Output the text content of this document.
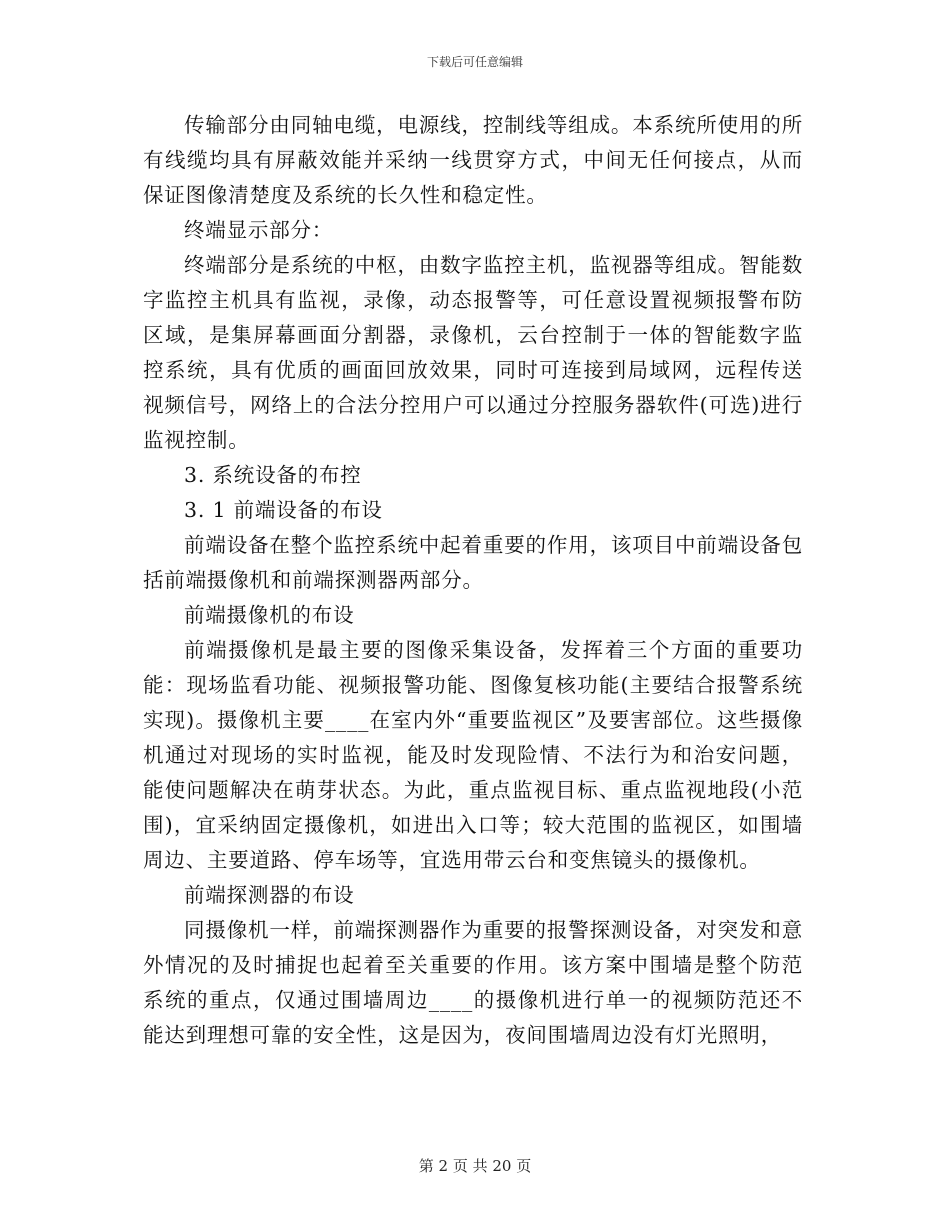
下载后可任意编辑

传输部分由同轴电缆，电源线，控制线等组成。本系统所使用的所有线缆均具有屏蔽效能并采纳一线贯穿方式，中间无任何接点，从而保证图像清楚度及系统的长久性和稳定性。

终端显示部分：

终端部分是系统的中枢，由数字监控主机，监视器等组成。智能数字监控主机具有监视，录像，动态报警等，可任意设置视频报警布防区域，是集屏幕画面分割器，录像机，云台控制于一体的智能数字监控系统，具有优质的画面回放效果，同时可连接到局域网，远程传送视频信号，网络上的合法分控用户可以通过分控服务器软件(可选)进行监视控制。

3. 系统设备的布控

3. 1 前端设备的布设

前端设备在整个监控系统中起着重要的作用，该项目中前端设备包括前端摄像机和前端探测器两部分。

前端摄像机的布设

前端摄像机是最主要的图像采集设备，发挥着三个方面的重要功能：现场监看功能、视频报警功能、图像复核功能(主要结合报警系统实现)。摄像机主要____在室内外“重要监视区”及要害部位。这些摄像机通过对现场的实时监视，能及时发现险情、不法行为和治安问题，能使问题解决在萌芽状态。为此，重点监视目标、重点监视地段(小范围)，宜采纳固定摄像机，如进出入口等；较大范围的监视区，如围墙周边、主要道路、停车场等，宜选用带云台和变焦镜头的摄像机。

前端探测器的布设

同摄像机一样，前端探测器作为重要的报警探测设备，对突发和意外情况的及时捕捉也起着至关重要的作用。该方案中围墙是整个防范系统的重点，仅通过围墙周边____的摄像机进行单一的视频防范还不能达到理想可靠的安全性，这是因为，夜间围墙周边没有灯光照明，

第 2 页 共 20 页
